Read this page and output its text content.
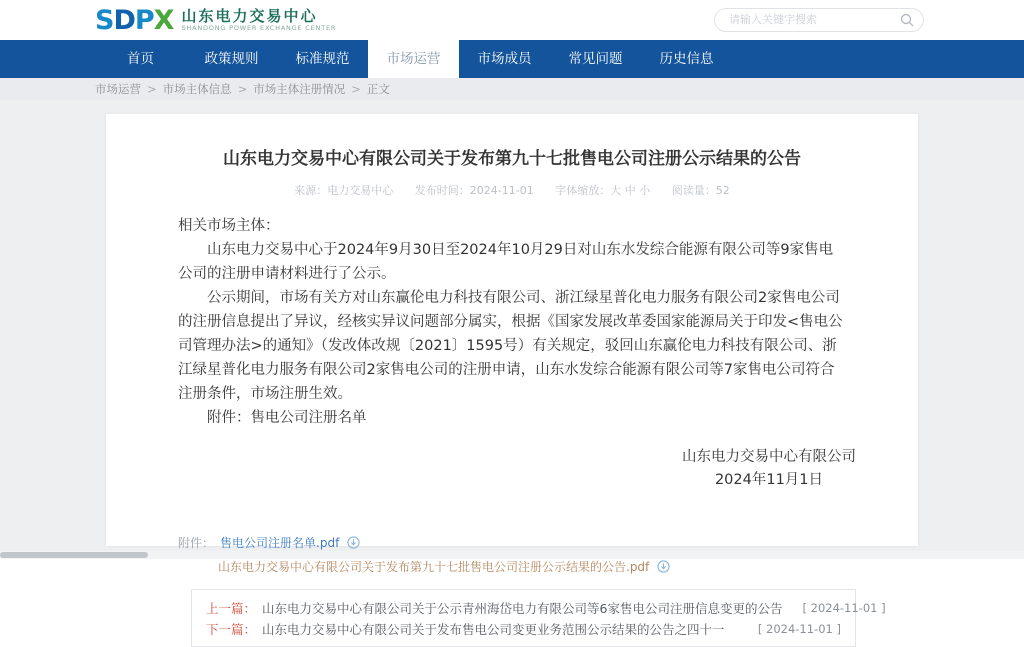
SDPX 山东电力交易中心
SHANDONG POWER EXCHANGE CENTER
请输入关键字搜索
首页	政策规则	标准规范	市场运营	市场成员	常见问题	历史信息
市场运营 > 市场主体信息 > 市场主体注册情况 > 正文
山东电力交易中心有限公司关于发布第九十七批售电公司注册公示结果的公告
来源：电力交易中心 发布时间：2024-11-01 字体缩放：大 中 小 阅读量：52

相关市场主体：

山东电力交易中心于2024年9月30日至2024年10月29日对山东水发综合能源有限公司等9家售电公司的注册申请材料进行了公示。

公示期间，市场有关方对山东赢伦电力科技有限公司、浙江绿星普化电力服务有限公司2家售电公司的注册信息提出了异议，经核实异议问题部分属实，根据《国家发展改革委国家能源局关于印发<售电公司管理办法>的通知》（发改体改规〔2021〕1595号）有关规定，驳回山东赢伦电力科技有限公司、浙江绿星普化电力服务有限公司2家售电公司的注册申请，山东水发综合能源有限公司等7家售电公司符合注册条件，市场注册生效。

附件：售电公司注册名单

山东电力交易中心有限公司
2024年11月1日
附件： 售电公司注册名单.pdf
山东电力交易中心有限公司关于发布第九十七批售电公司注册公示结果的公告.pdf
上一篇： 山东电力交易中心有限公司关于公示青州海岱电力有限公司等6家售电公司注册信息变更的公告 [ 2024-11-01 ]
下一篇： 山东电力交易中心有限公司关于发布售电公司变更业务范围公示结果的公告之四十一	[ 2024-11-01 ]
